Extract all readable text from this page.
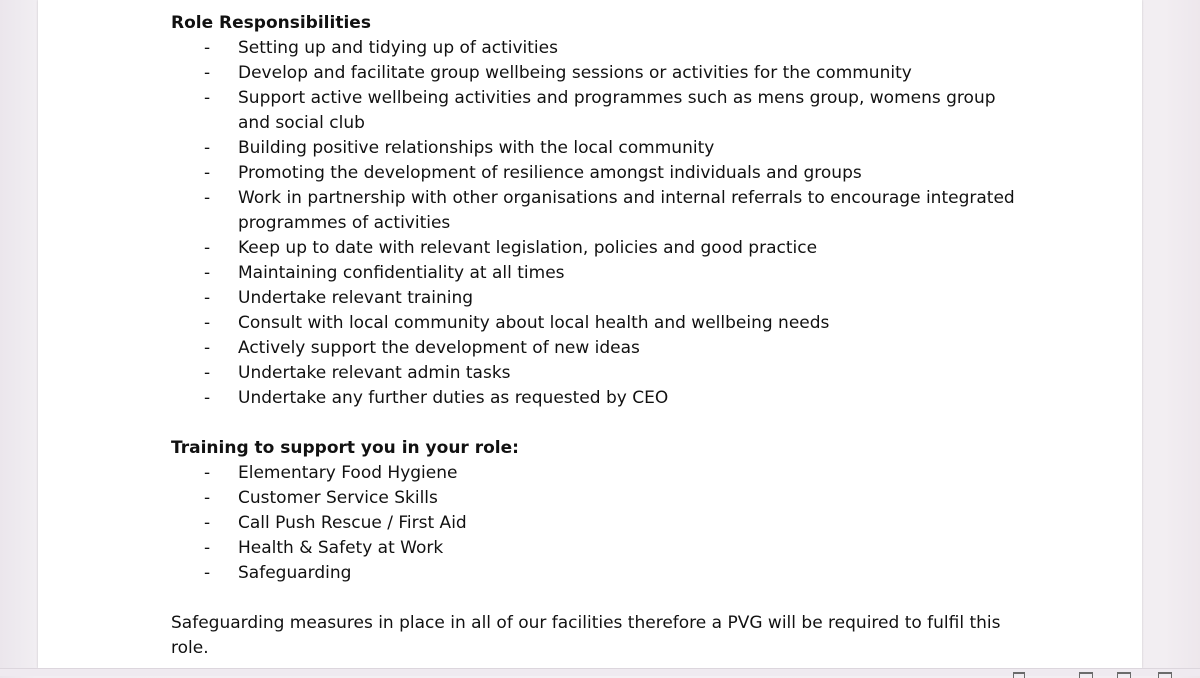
Role Responsibilities
- Setting up and tidying up of activities
- Develop and facilitate group wellbeing sessions or activities for the community
- Support active wellbeing activities and programmes such as mens group, womens group and social club
- Building positive relationships with the local community
- Promoting the development of resilience amongst individuals and groups
- Work in partnership with other organisations and internal referrals to encourage integrated programmes of activities
- Keep up to date with relevant legislation, policies and good practice
- Maintaining confidentiality at all times
- Undertake relevant training
- Consult with local community about local health and wellbeing needs
- Actively support the development of new ideas
- Undertake relevant admin tasks
- Undertake any further duties as requested by CEO
Training to support you in your role:
- Elementary Food Hygiene
- Customer Service Skills
- Call Push Rescue / First Aid
- Health & Safety at Work
- Safeguarding
Safeguarding measures in place in all of our facilities therefore a PVG will be required to fulfil this role.
